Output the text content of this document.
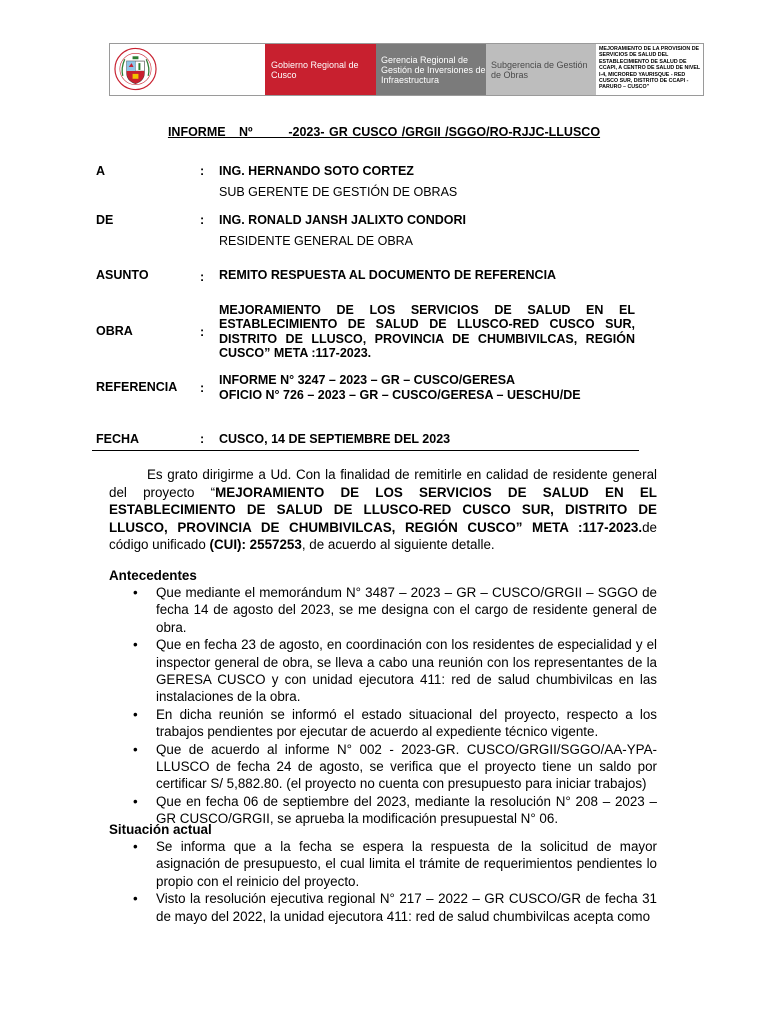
Gobierno Regional de Cusco
Gerencia Regional de Gestión de Inversiones de Infraestructura
Subgerencia de Gestión de Obras
MEJORAMIENTO DE LA PROVISION DE SERVICIOS DE SALUD DEL ESTABLECIMIENTO DE SALUD DE CCAPI, A CENTRO DE SALUD DE NIVEL I-4, MICRORED YAURISQUE - RED CUSCO SUR, DISTRITO DE CCAPI - PARURO – CUSCO"
INFORME   Nº        -2023- GR CUSCO /GRGII /SGGO/RO-RJJC-LLUSCO
A	: ING. HERNANDO SOTO CORTEZ
SUB GERENTE DE GESTIÓN DE OBRAS
DE	: ING. RONALD JANSH JALIXTO CONDORI
RESIDENTE GENERAL DE OBRA
ASUNTO	: REMITO RESPUESTA AL DOCUMENTO DE REFERENCIA
OBRA	:
MEJORAMIENTO DE LOS SERVICIOS DE SALUD EN EL ESTABLECIMIENTO DE SALUD DE LLUSCO-RED CUSCO SUR, DISTRITO DE LLUSCO, PROVINCIA DE CHUMBIVILCAS, REGIÓN CUSCO” META :117-2023.
REFERENCIA :
INFORME N° 3247 – 2023 – GR – CUSCO/GERESA
OFICIO N° 726 – 2023 – GR – CUSCO/GERESA – UESCHU/DE
FECHA	: CUSCO, 14 DE SEPTIEMBRE DEL 2023
Es grato dirigirme a Ud. Con la finalidad de remitirle en calidad de residente general del proyecto “MEJORAMIENTO DE LOS SERVICIOS DE SALUD EN EL ESTABLECIMIENTO DE SALUD DE LLUSCO-RED CUSCO SUR, DISTRITO DE LLUSCO, PROVINCIA DE CHUMBIVILCAS, REGIÓN CUSCO” META :117-2023.de código unificado (CUI): 2557253, de acuerdo al siguiente detalle.
Antecedentes
• Que mediante el memorándum N° 3487 – 2023 – GR – CUSCO/GRGII – SGGO de fecha 14 de agosto del 2023, se me designa con el cargo de residente general de obra.
• Que en fecha 23 de agosto, en coordinación con los residentes de especialidad y el inspector general de obra, se lleva a cabo una reunión con los representantes de la GERESA CUSCO y con unidad ejecutora 411: red de salud chumbivilcas en las instalaciones de la obra.
• En dicha reunión se informó el estado situacional del proyecto, respecto a los trabajos pendientes por ejecutar de acuerdo al expediente técnico vigente.
• Que de acuerdo al informe N° 002 - 2023-GR. CUSCO/GRGII/SGGO/AA-YPA-LLUSCO de fecha 24 de agosto, se verifica que el proyecto tiene un saldo por certificar S/ 5,882.80. (el proyecto no cuenta con presupuesto para iniciar trabajos)
• Que en fecha 06 de septiembre del 2023, mediante la resolución N° 208 – 2023 – GR CUSCO/GRGII, se aprueba la modificación presupuestal N° 06.
Situación actual
• Se informa que a la fecha se espera la respuesta de la solicitud de mayor asignación de presupuesto, el cual limita el trámite de requerimientos pendientes lo propio con el reinicio del proyecto.
• Visto la resolución ejecutiva regional N° 217 – 2022 – GR CUSCO/GR de fecha 31 de mayo del 2022, la unidad ejecutora 411: red de salud chumbivilcas acepta como
